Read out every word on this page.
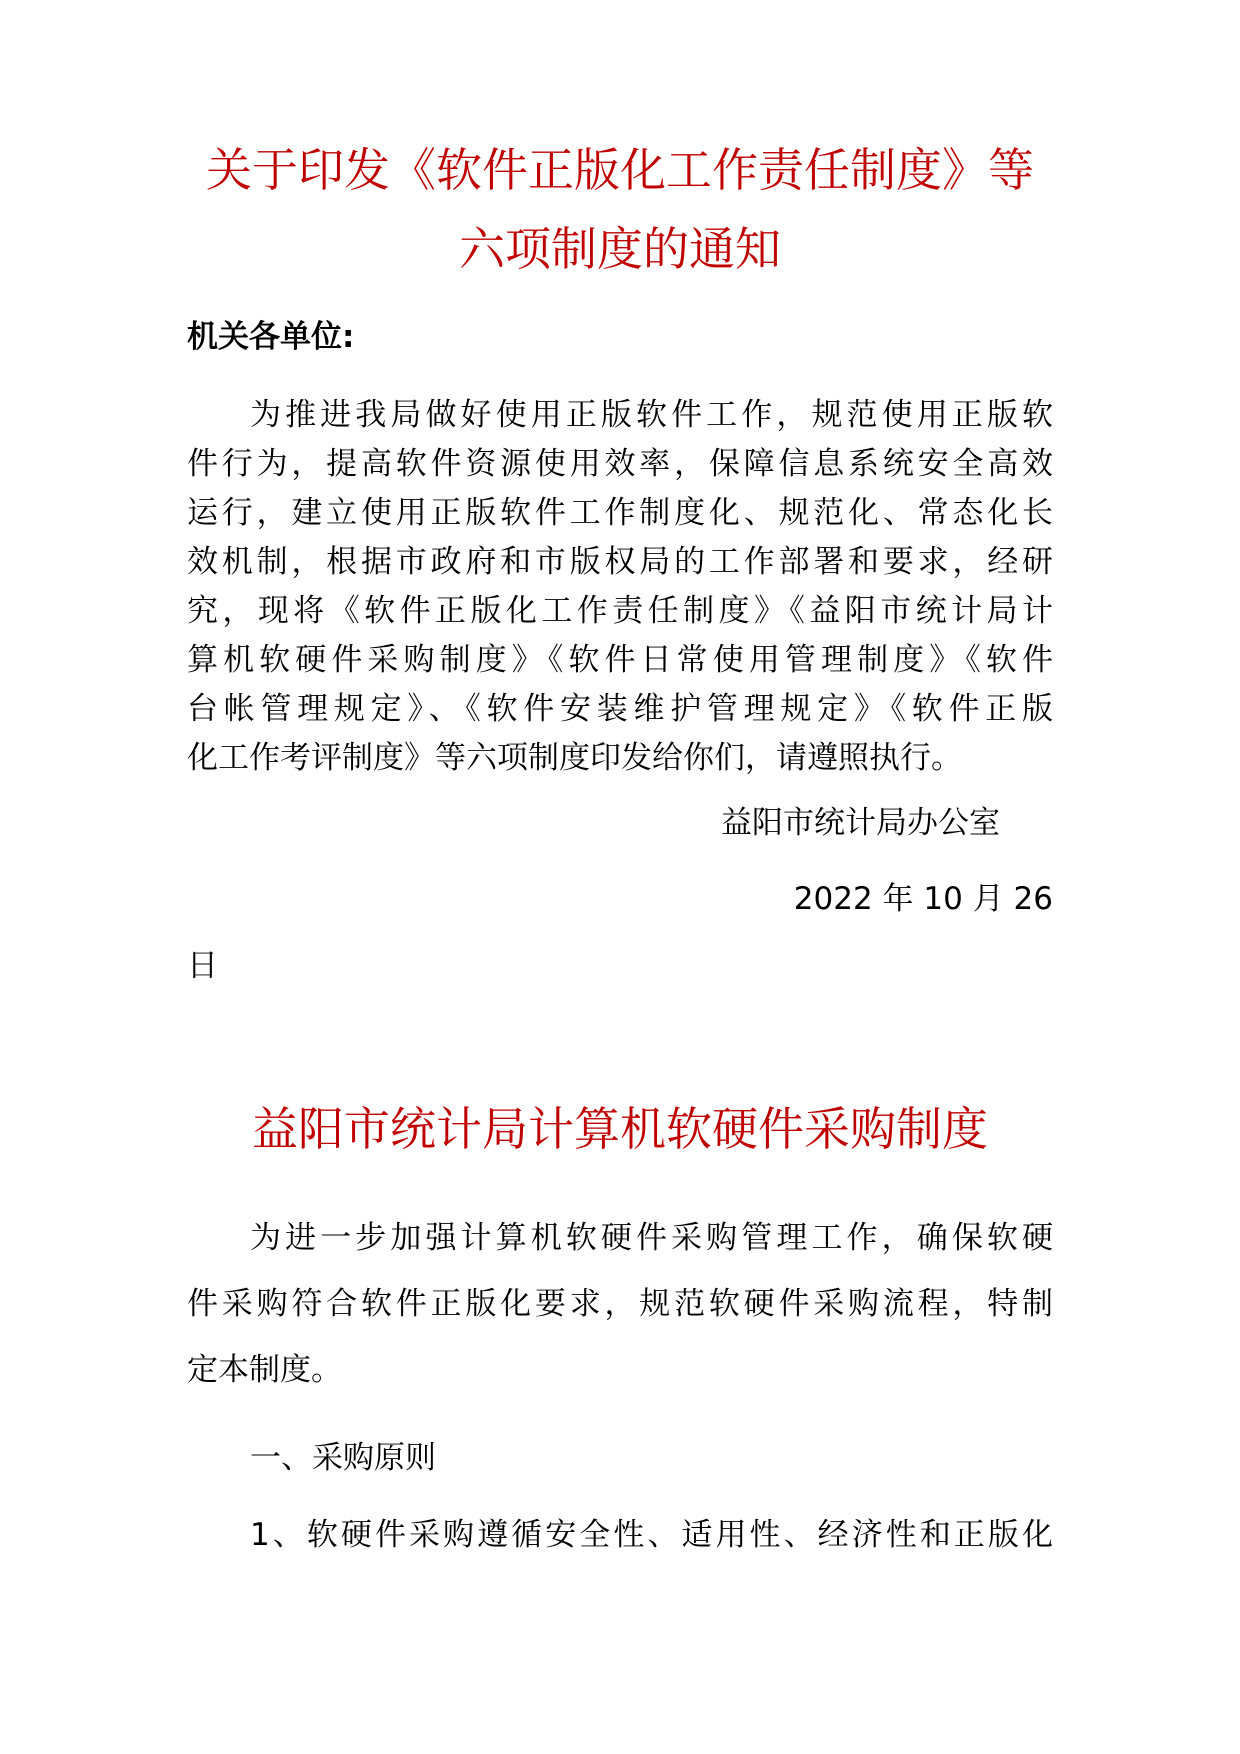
关于印发《软件正版化工作责任制度》等
六项制度的通知
机关各单位:
为推进我局做好使用正版软件工作，规范使用正版软
件行为，提高软件资源使用效率，保障信息系统安全高效
运行，建立使用正版软件工作制度化、规范化、常态化长
效机制，根据市政府和市版权局的工作部署和要求，经研
究，现将《软件正版化工作责任制度》《益阳市统计局计
算机软硬件采购制度》《软件日常使用管理制度》《软件
台帐管理规定》、《软件安装维护管理规定》《软件正版
化工作考评制度》等六项制度印发给你们，请遵照执行。
益阳市统计局办公室
2022 年 10 月 26
日
益阳市统计局计算机软硬件采购制度
为进一步加强计算机软硬件采购管理工作，确保软硬
件采购符合软件正版化要求，规范软硬件采购流程，特制
定本制度。
一、采购原则
1、软硬件采购遵循安全性、适用性、经济性和正版化
